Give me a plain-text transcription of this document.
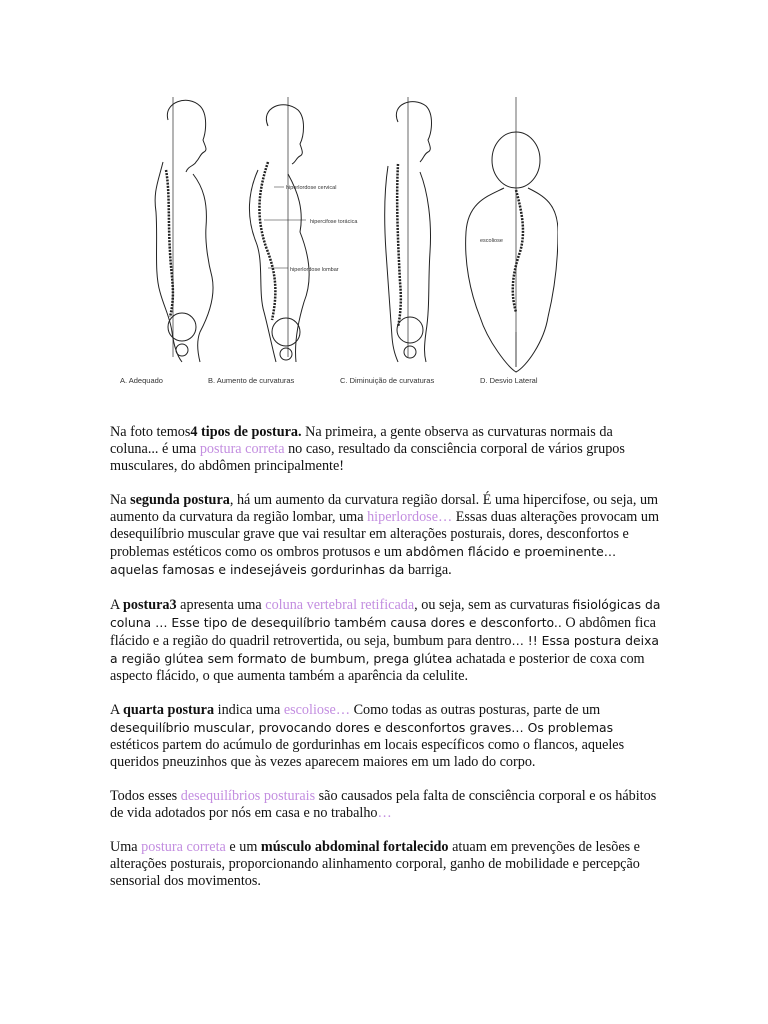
hiperlordose cervical
hipercifose torácica
hiperlordose lombar
escoliose
A. Adequado	B. Aumento de curvaturas	C. Diminuição de curvaturas	D. Desvio Lateral

Na foto temos4 tipos de postura. Na primeira, a gente observa as curvaturas normais da coluna... é uma postura correta no caso, resultado da consciência corporal de vários grupos musculares, do abdômen principalmente!

Na segunda postura, há um aumento da curvatura região dorsal. É uma hipercifose, ou seja, um aumento da curvatura da região lombar, uma hiperlordose… Essas duas alterações provocam um desequilíbrio muscular grave que vai resultar em alterações posturais, dores, desconfortos e problemas estéticos como os ombros protusos e um abdômen flácido e proeminente… aquelas famosas e indesejáveis gordurinhas da barriga.

A postura3 apresenta uma coluna vertebral retificada, ou seja, sem as curvaturas fisiológicas da coluna … Esse tipo de desequilíbrio também causa dores e desconforto.. O abdômen fica flácido e a região do quadril retrovertida, ou seja, bumbum para dentro… !! Essa postura deixa a região glútea sem formato de bumbum, prega glútea achatada e posterior de coxa com aspecto flácido, o que aumenta também a aparência da celulite.

A quarta postura indica uma escoliose… Como todas as outras posturas, parte de um desequilíbrio muscular, provocando dores e desconfortos graves… Os problemas estéticos partem do acúmulo de gordurinhas em locais específicos como o flancos, aqueles queridos pneuzinhos que às vezes aparecem maiores em um lado do corpo.

Todos esses desequilíbrios posturais são causados pela falta de consciência corporal e os hábitos de vida adotados por nós em casa e no trabalho…

Uma postura correta e um músculo abdominal fortalecido atuam em prevenções de lesões e alterações posturais, proporcionando alinhamento corporal, ganho de mobilidade e percepção sensorial dos movimentos.
